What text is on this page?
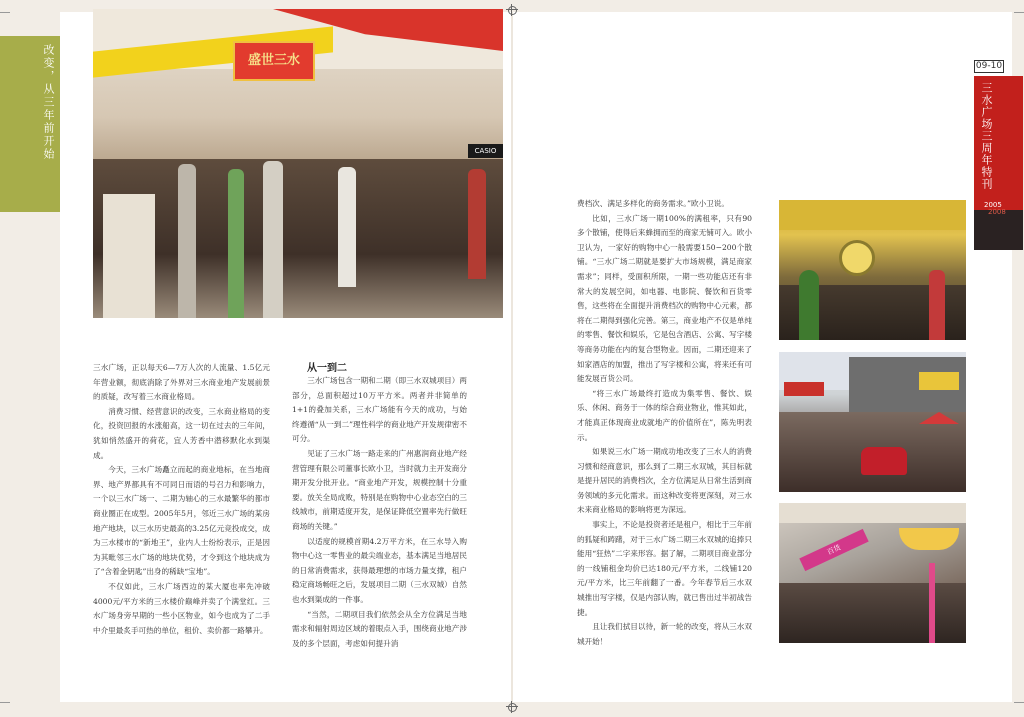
改变，从三年前开始	盛世三水
CASIO

三水广场，正以每天6—7万人次的人流量、1.5亿元年营业额，彻底消除了外界对三水商业地产发展前景的质疑，改写着三水商业格局。

消费习惯、经营意识的改变，三水商业格局的变化，投资回报的水涨船高，这一切在过去的三年间，犹如悄然盛开的荷花，宜人芳香中潜移默化水到渠成。

今天，三水广场矗立而起的商业地标，在当地商界、地产界都具有不可同日而语的号召力和影响力，一个以三水广场一、二期为轴心的三水最繁华的都市商业圈正在成型。2005年5月，邻近三水广场的某房地产地块，以三水历史最高的3.25亿元竞投成交，成为三水楼市的“新地王”，业内人士纷纷表示，正是因为其毗邻三水广场的地块优势，才令到这个地块成为了“含着金钥匙”出身的稀缺“宝地”。

不仅如此，三水广场西边的某大厦也率先冲破 4000元/平方米的三水楼价巅峰并卖了个满堂红。三水广场身旁早期的一些小区物业，如今也成为了二手中介里最炙手可热的单位，租价、卖价都一路攀升。

从一到二

三水广场包含一期和二期（即三水双城项目）两部分，总面积超过10万平方米。两者并非简单的1+1的叠加关系，三水广场能有今天的成功，与始终遵循“从一到二”理性科学的商业地产开发规律密不可分。

见证了三水广场一路走来的广州惠润商业地产经营管理有限公司董事长欧小卫，当时就力主开发商分期开发分批开业。“商业地产开发，规模控制十分重要。放关全局成败，特别是在购物中心业态空白的三线城市，前期适度开发，是保证降低空置率先行做旺商场的关键。”

以适度的规模首期4.2万平方米，在三水导入购物中心这一零售业的最尖端业态，基本满足当地居民的日常消费需求，获得最理想的市场力量支撑，租户稳定商场畅旺之后，发展项目二期（三水双城）自然也水到渠成的一件事。

“当然，二期项目我们依然会从全方位满足当地需求和辐射周边区域的着眼点入手，围绕商业地产涉及的多个层面，考虑如何提升消

费档次、满足多样化的商务需求。”欧小卫说。

比如，三水广场一期100%的满租率，只有90多个散铺，使得后来蜂拥而至的商家无铺可入。欧小卫认为，一家好的购物中心一般需要150−200个散铺。“三水广场二期就是要扩大市场规模，满足商家需求”；同样，受面积所限，一期一些功能店还有非常大的发展空间，如电器、电影院、餐饮和百货零售，这些将在全面提升消费档次的购物中心元素，都将在二期得到强化完善。第三，商业地产不仅是单纯的零售、餐饮和娱乐，它是包含酒店、公寓、写字楼等商务功能在内的复合型物业。因而，二期还迎来了如家酒店的加盟，推出了写字楼和公寓，将来还有可能发展百货公司。

“将三水广场最终打造成为集零售、餐饮、娱乐、休闲、商务于一体的综合商业物业，惟其如此，才能真正体现商业成就地产的价值所在”，陈先明表示。

如果说三水广场一期成功地改变了三水人的消费习惯和经商意识，那么到了二期三水双城，其目标就是提升居民的消费档次，全方位满足从日常生活到商务领域的多元化需求。而这种改变将更深刻，对三水未来商业格局的影响将更为深远。

事实上，不论是投资者还是租户，相比于三年前的狐疑和踌躇，对于三水广场二期三水双城的追捧只能用“狂热”二字来形容。据了解，二期项目商业部分的一线铺租金均价已达180元/平方米，二线铺120元/平方米，比三年前翻了一番。今年春节后三水双城推出写字楼，仅是内部认购，就已售出过半初战告捷。

且让我们拭目以待，新一轮的改变，将从三水双城开始！

百货
09-10
三水广场三周年特刊
2005
2008
